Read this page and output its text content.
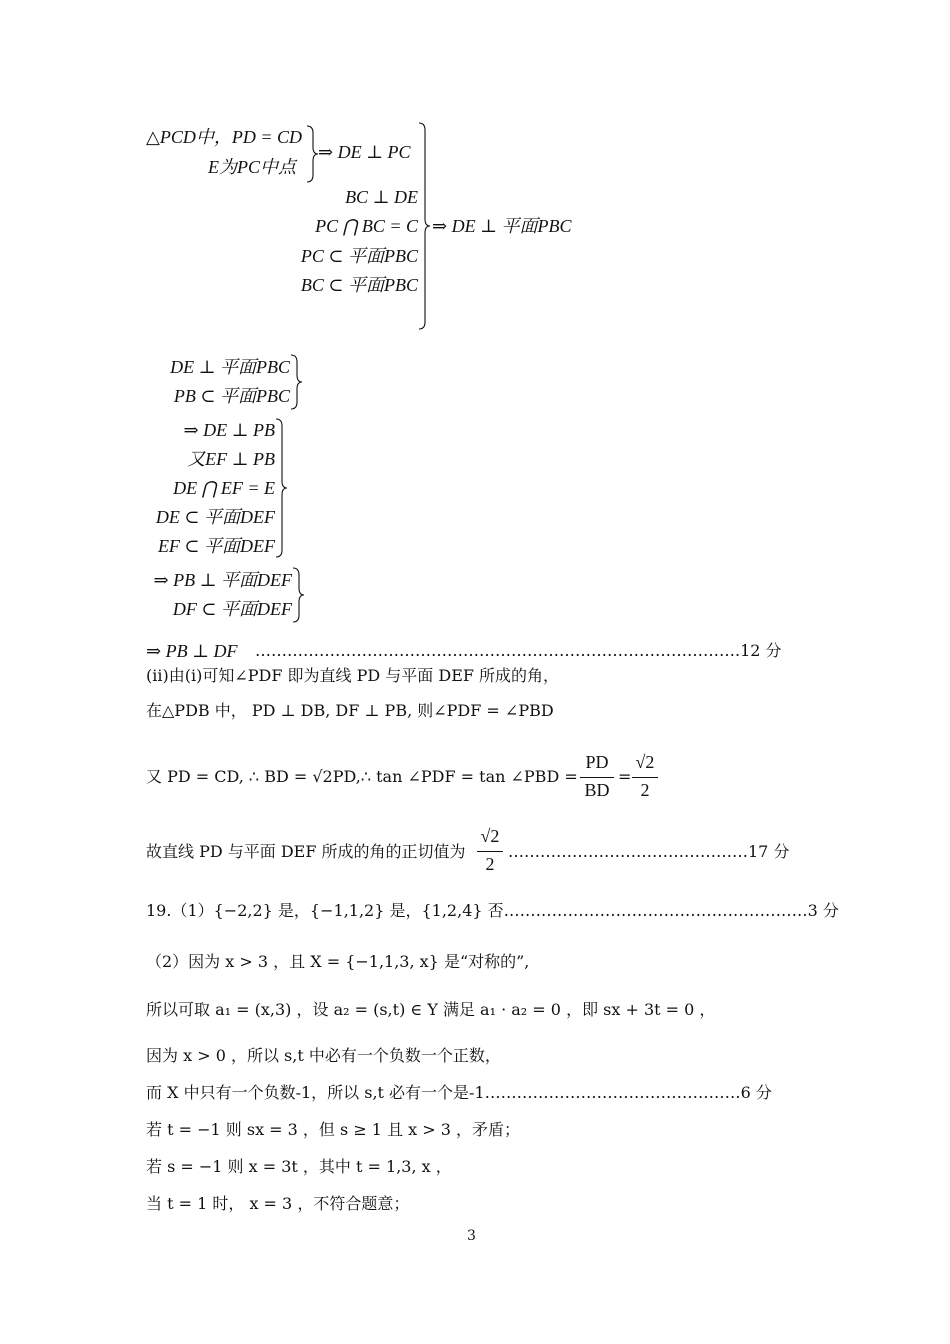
△PCD中，PD = CD
E为PC中点
⇒ DE ⊥ PC
BC ⊥ DE
PC ⋂ BC = C
PC ⊂ 平面PBC
BC ⊂ 平面PBC
⇒ DE ⊥ 平面PBC
DE ⊥ 平面PBC
PB ⊂ 平面PBC
⇒ DE ⊥ PB
又EF ⊥ PB
DE ⋂ EF = E
DE ⊂ 平面DEF
EF ⊂ 平面DEF
⇒ PB ⊥ 平面DEF
DF ⊂ 平面DEF
⇒ PB ⊥ DF ……………………………………………………………………………….12 分
(ii)由(i)可知∠PDF 即为直线 PD 与平面 DEF 所成的角，
在△PDB 中， PD ⊥ DB, DF ⊥ PB, 则∠PDF = ∠PBD
又 PD = CD, ∴ BD = √2PD,∴ tan ∠PDF = tan ∠PBD =
PD
BD
=
√2
2
故直线 PD 与平面 DEF 所成的角的正切值为
√2
2
………………………………………17 分
19.（1）{−2,2} 是，{−1,1,2} 是，{1,2,4} 否…………………………………………………3 分
（2）因为 x > 3 ，且 X = {−1,1,3, x} 是“对称的”,
所以可取 a₁ = (x,3) ，设 a₂ = (s,t) ∈ Y 满足 a₁ · a₂ = 0 ，即 sx + 3t = 0 ，
因为 x > 0 ，所以 s,t 中必有一个负数一个正数，
而 X 中只有一个负数-1，所以 s,t 必有一个是-1…………………………………………6 分
若 t = −1 则 sx = 3 ，但 s ≥ 1 且 x > 3 ，矛盾；
若 s = −1 则 x = 3t ，其中 t = 1,3, x ，
当 t = 1 时， x = 3 ，不符合题意；
3
